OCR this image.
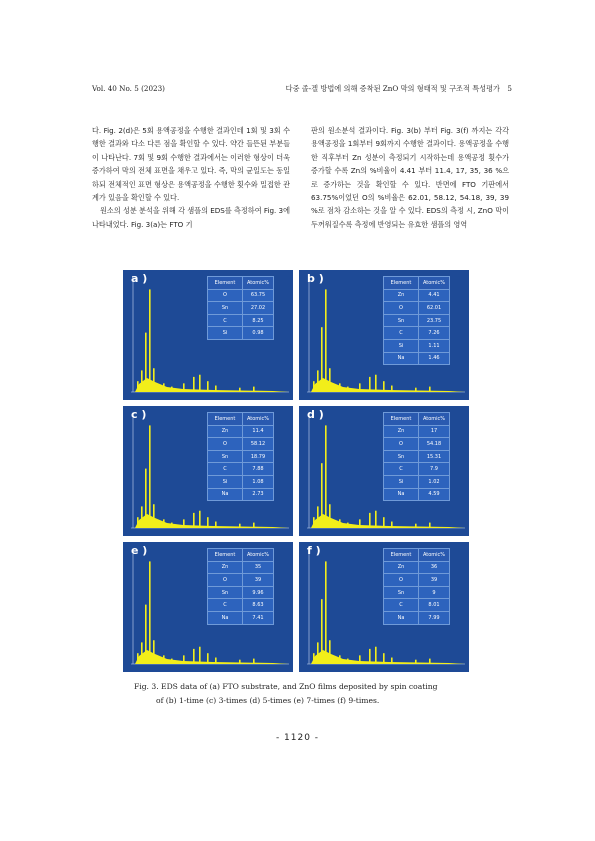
Vol. 40 No. 5 (2023)	다중 졸-겔 방법에 의해 증착된 ZnO 막의 형태적 및 구조적 특성평가 5

다. Fig. 2(d)은 5회 용액공정을 수행한 결과인데 1회 및 3회 수행한 결과와 다소 다른 점을 확인할 수 있다. 약간 들뜬된 부분들이 나타난다. 7회 및 9회 수행한 결과에서는 이러한 형상이 더욱 증가하여 막의 전체 표면을 채우고 있다. 즉, 막의 균일도는 동일하되 전체적인 표면 형상은 용액공정을 수행한 횟수와 밀접한 관계가 있음을 확인할 수 있다.

원소의 성분 분석을 위해 각 샘플의 EDS를 측정하여 Fig. 3에 나타내었다. Fig. 3(a)는 FTO 기

판의 원소분석 결과이다. Fig. 3(b) 부터 Fig. 3(f) 까지는 각각 용액공정을 1회부터 9회까지 수행한 결과이다. 용액공정을 수행한 직후부터 Zn 성분이 측정되기 시작하는데 용액공정 횟수가 증가할 수록 Zn의 %비율이 4.41 부터 11.4, 17, 35, 36 %으로 증가하는 것을 확인할 수 있다. 반면에 FTO 기판에서 63.75%이었던 O의 %비율은 62.01, 58.12, 54.18, 39, 39 %로 점차 감소하는 것을 알 수 있다. EDS의 측정 시, ZnO 막이 두꺼워질수록 측정에 반영되는 유효한 샘플의 영역

a )	Element	Atomic%
O	63.75
Sn	27.02
C	8.25
Si	0.98
b )	Element	Atomic%
Zn	4.41
O	62.01
Sn	23.75
C	7.26
Si	1.11
Na	1.46
c )	Element	Atomic%
Zn	11.4
O	58.12
Sn	18.79
C	7.88
Si	1.08
Na	2.73
d )	Element	Atomic%
Zn	17
O	54.18
Sn	15.31
C	7.9
Si	1.02
Na	4.59
e )	Element	Atomic%
Zn	35
O	39
Sn	9.96
C	8.63
Na	7.41
f )	Element	Atomic%
Zn	36
O	39
Sn	9
C	8.01
Na	7.99
Fig. 3. EDS data of (a) FTO substrate, and ZnO films deposited by spin coating
of (b) 1-time (c) 3-times (d) 5-times (e) 7-times (f) 9-times.
- 1120 -
